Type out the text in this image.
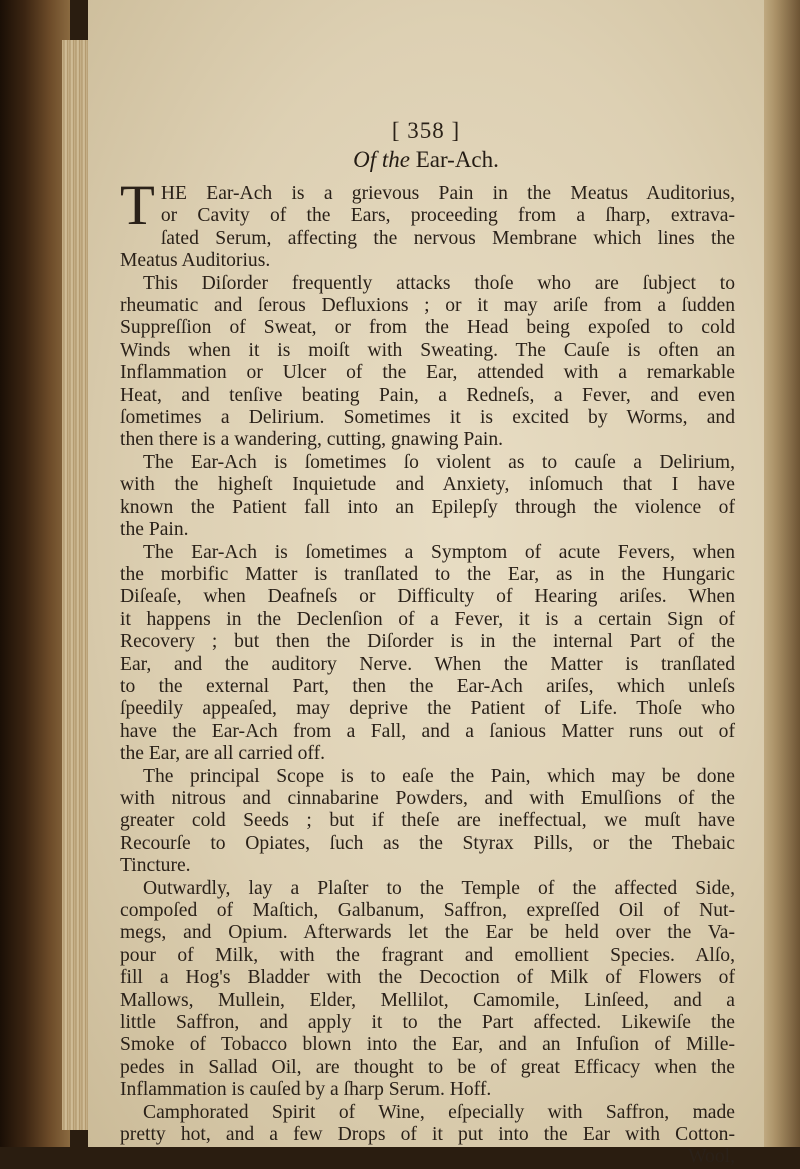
[ 358 ]
Of the Ear-Ach.
T HE Ear-Ach is a grievous Pain in the Meatus Auditorius,
or Cavity of the Ears, proceeding from a ſharp, extrava-
ſated Serum, affecting the nervous Membrane which lines the
Meatus Auditorius.
This Diſorder frequently attacks thoſe who are ſubject to
rheumatic and ſerous Defluxions ; or it may ariſe from a ſudden
Suppreſſion of Sweat, or from the Head being expoſed to cold
Winds when it is moiſt with Sweating. The Cauſe is often an
Inflammation or Ulcer of the Ear, attended with a remarkable
Heat, and tenſive beating Pain, a Redneſs, a Fever, and even
ſometimes a Delirium. Sometimes it is excited by Worms, and
then there is a wandering, cutting, gnawing Pain.
The Ear-Ach is ſometimes ſo violent as to cauſe a Delirium,
with the higheſt Inquietude and Anxiety, inſomuch that I have
known the Patient fall into an Epilepſy through the violence of
the Pain.
The Ear-Ach is ſometimes a Symptom of acute Fevers, when
the morbific Matter is tranſlated to the Ear, as in the Hungaric
Diſeaſe, when Deafneſs or Difficulty of Hearing ariſes. When
it happens in the Declenſion of a Fever, it is a certain Sign of
Recovery ; but then the Diſorder is in the internal Part of the
Ear, and the auditory Nerve. When the Matter is tranſlated
to the external Part, then the Ear-Ach ariſes, which unleſs
ſpeedily appeaſed, may deprive the Patient of Life. Thoſe who
have the Ear-Ach from a Fall, and a ſanious Matter runs out of
the Ear, are all carried off.
The principal Scope is to eaſe the Pain, which may be done
with nitrous and cinnabarine Powders, and with Emulſions of the
greater cold Seeds ; but if theſe are ineffectual, we muſt have
Recourſe to Opiates, ſuch as the Styrax Pills, or the Thebaic
Tincture.
Outwardly, lay a Plaſter to the Temple of the affected Side,
compoſed of Maſtich, Galbanum, Saffron, expreſſed Oil of Nut-
megs, and Opium. Afterwards let the Ear be held over the Va-
pour of Milk, with the fragrant and emollient Species. Alſo,
fill a Hog's Bladder with the Decoction of Milk of Flowers of
Mallows, Mullein, Elder, Mellilot, Camomile, Linſeed, and a
little Saffron, and apply it to the Part affected. Likewiſe the
Smoke of Tobacco blown into the Ear, and an Infuſion of Mille-
pedes in Sallad Oil, are thought to be of great Efficacy when the
Inflammation is cauſed by a ſharp Serum. Hoff.
Camphorated Spirit of Wine, eſpecially with Saffron, made
pretty hot, and a few Drops of it put into the Ear with Cotton-
Wool,
